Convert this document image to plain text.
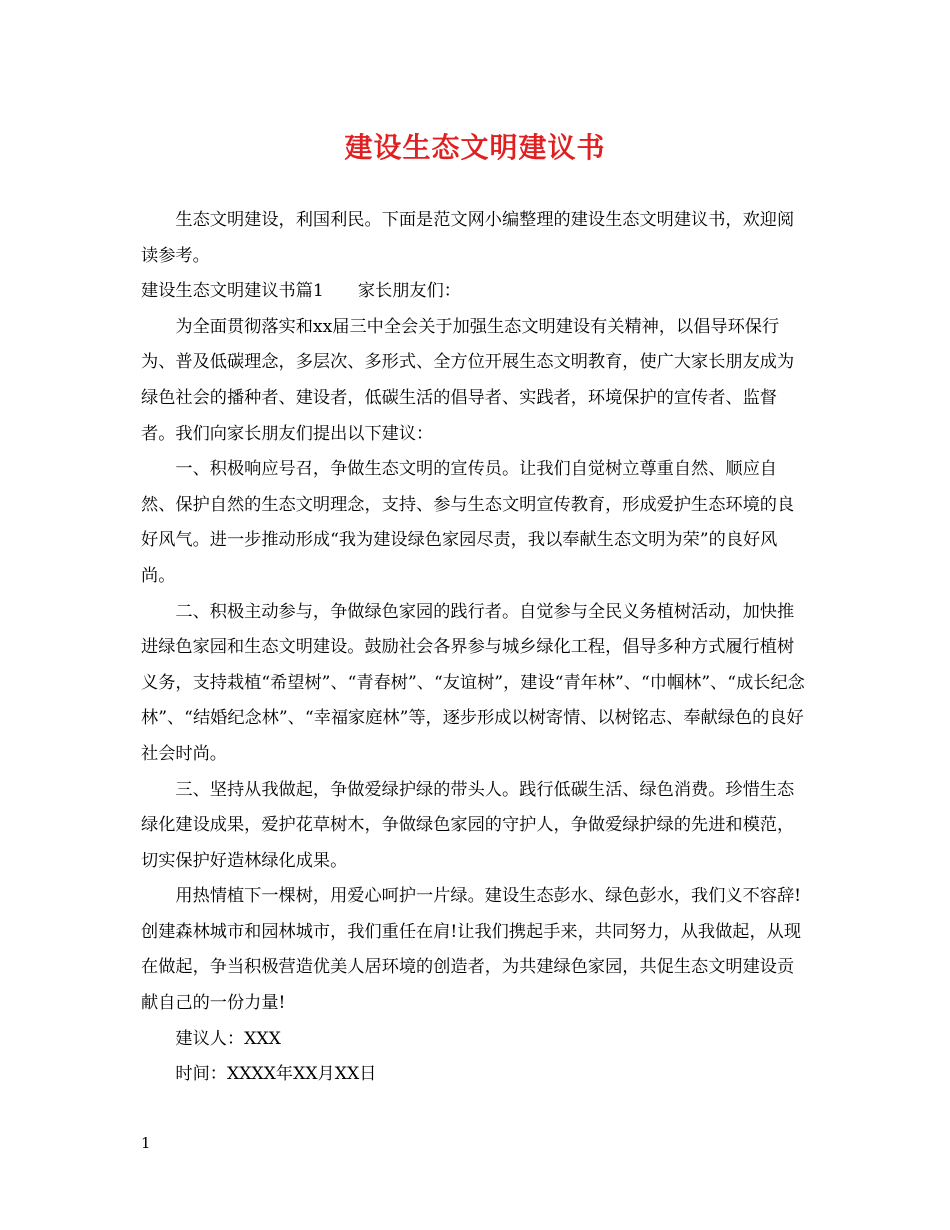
建设生态文明建议书

生态文明建设，利国利民。下面是范文网小编整理的建设生态文明建议书，欢迎阅读参考。

建设生态文明建议书篇1 家长朋友们：

为全面贯彻落实和xx届三中全会关于加强生态文明建设有关精神，以倡导环保行为、普及低碳理念，多层次、多形式、全方位开展生态文明教育，使广大家长朋友成为绿色社会的播种者、建设者，低碳生活的倡导者、实践者，环境保护的宣传者、监督者。我们向家长朋友们提出以下建议：

一、积极响应号召，争做生态文明的宣传员。让我们自觉树立尊重自然、顺应自然、保护自然的生态文明理念，支持、参与生态文明宣传教育，形成爱护生态环境的良好风气。进一步推动形成“我为建设绿色家园尽责，我以奉献生态文明为荣”的良好风尚。

二、积极主动参与，争做绿色家园的践行者。自觉参与全民义务植树活动，加快推进绿色家园和生态文明建设。鼓励社会各界参与城乡绿化工程，倡导多种方式履行植树义务，支持栽植“希望树”、“青春树”、“友谊树”，建设“青年林”、“巾帼林”、“成长纪念林”、“结婚纪念林”、“幸福家庭林”等，逐步形成以树寄情、以树铭志、奉献绿色的良好社会时尚。

三、坚持从我做起，争做爱绿护绿的带头人。践行低碳生活、绿色消费。珍惜生态绿化建设成果，爱护花草树木，争做绿色家园的守护人，争做爱绿护绿的先进和模范，切实保护好造林绿化成果。

用热情植下一棵树，用爱心呵护一片绿。建设生态彭水、绿色彭水，我们义不容辞!创建森林城市和园林城市，我们重任在肩!让我们携起手来，共同努力，从我做起，从现在做起，争当积极营造优美人居环境的创造者，为共建绿色家园，共促生态文明建设贡献自己的一份力量!

建议人：XXX

时间：XXXX年XX月XX日

1
